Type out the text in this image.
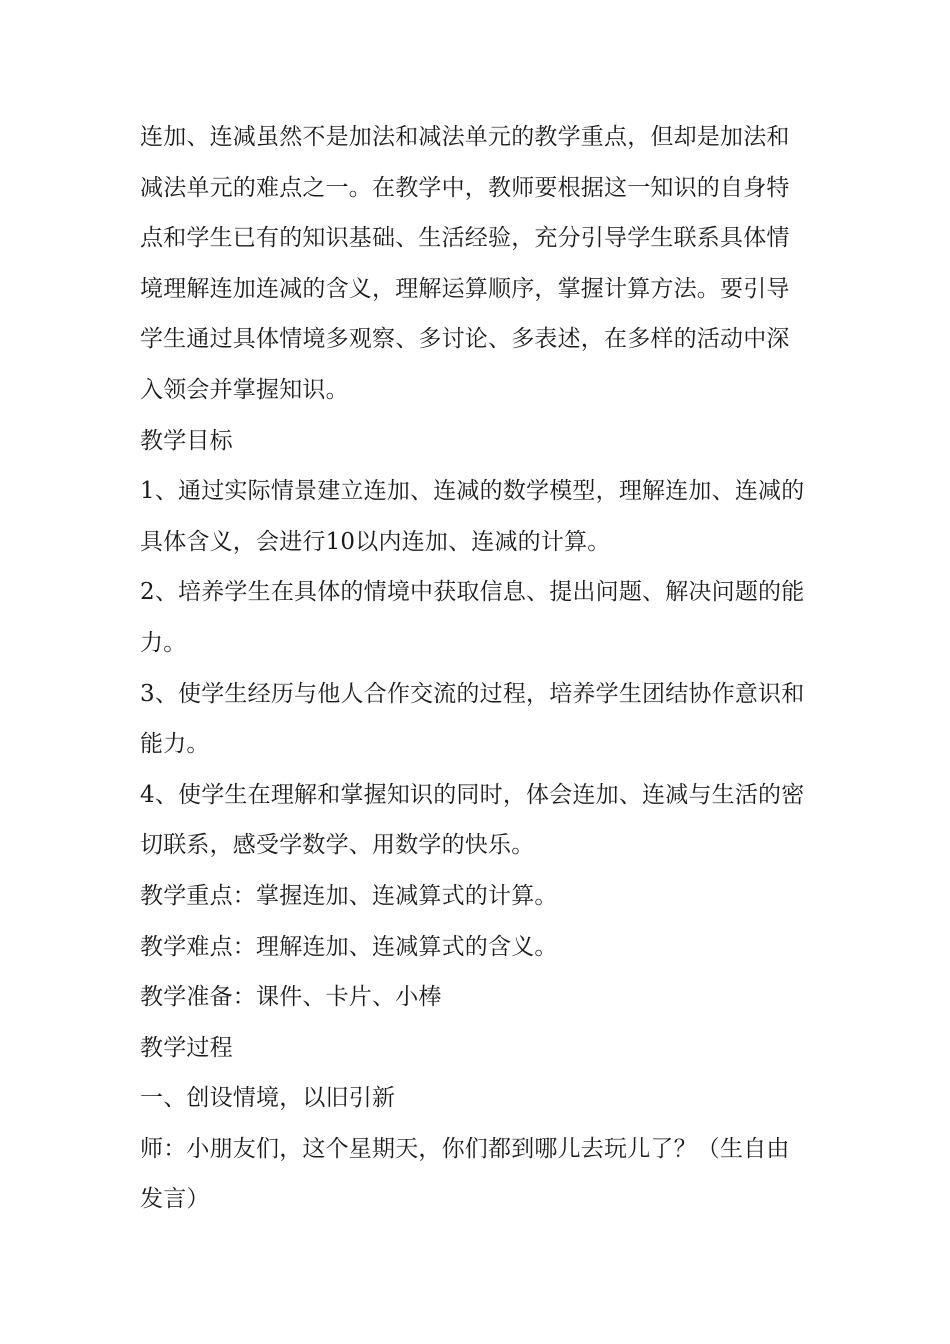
连加、连减虽然不是加法和减法单元的教学重点，但却是加法和
减法单元的难点之一。在教学中，教师要根据这一知识的自身特
点和学生已有的知识基础、生活经验，充分引导学生联系具体情
境理解连加连减的含义，理解运算顺序，掌握计算方法。要引导
学生通过具体情境多观察、多讨论、多表述，在多样的活动中深
入领会并掌握知识。
教学目标
1、通过实际情景建立连加、连减的数学模型，理解连加、连减的
具体含义，会进行10以内连加、连减的计算。
2、培养学生在具体的情境中获取信息、提出问题、解决问题的能
力。
3、使学生经历与他人合作交流的过程，培养学生团结协作意识和
能力。
4、使学生在理解和掌握知识的同时，体会连加、连减与生活的密
切联系，感受学数学、用数学的快乐。
教学重点：掌握连加、连减算式的计算。
教学难点：理解连加、连减算式的含义。
教学准备：课件、卡片、小棒
教学过程
一、创设情境，以旧引新
师：小朋友们，这个星期天，你们都到哪儿去玩儿了？（生自由
发言）
